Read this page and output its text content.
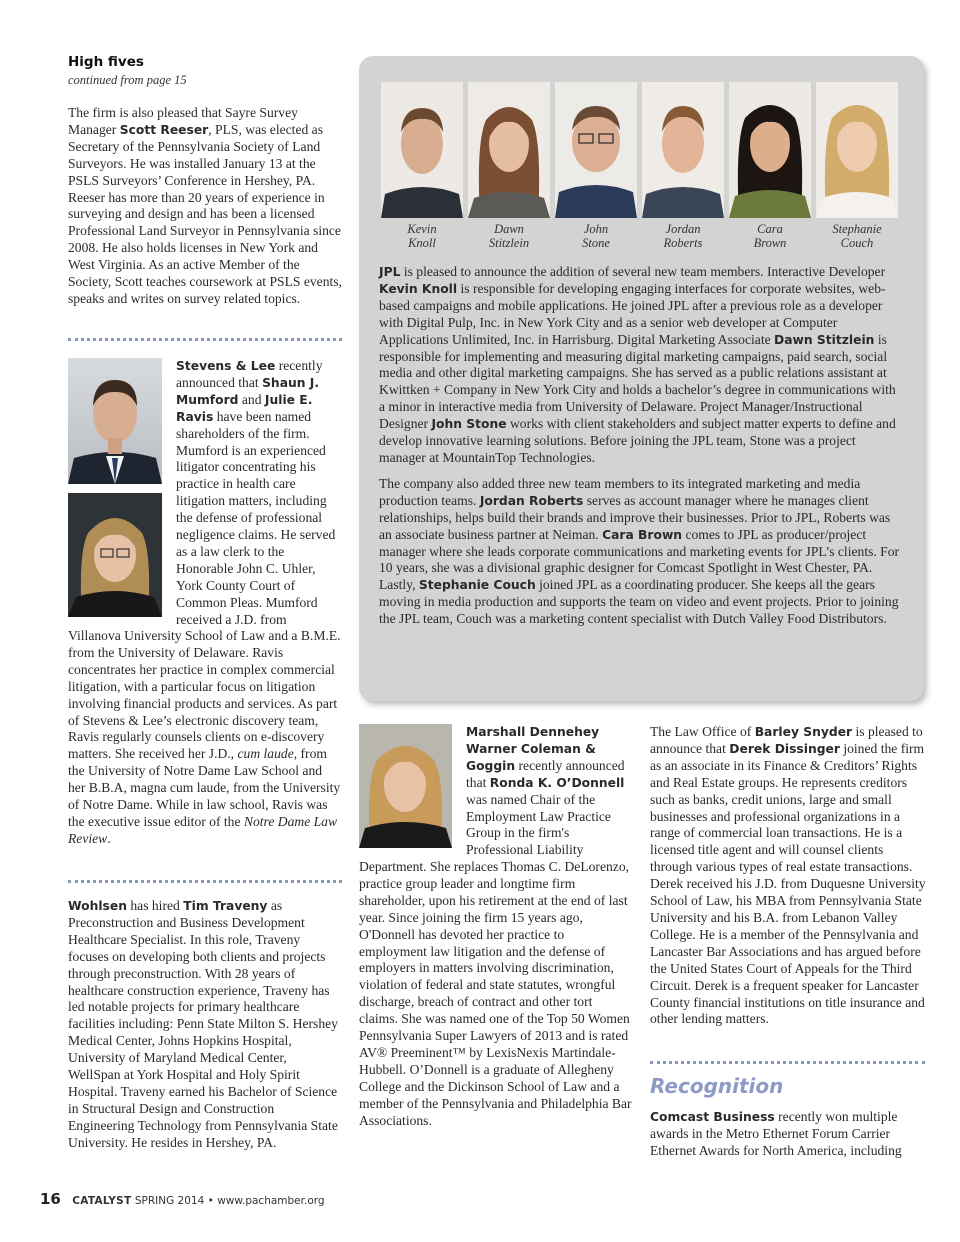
High fives
continued from page 15

The firm is also pleased that Sayre Survey Manager Scott Reeser, PLS, was elected as Secretary of the Pennsylvania Society of Land Surveyors. He was installed January 13 at the PSLS Surveyors’ Conference in Hershey, PA. Reeser has more than 20 years of experience in surveying and design and has been a licensed Professional Land Surveyor in Pennsylvania since 2008. He also holds licenses in New York and West Virginia. As an active Member of the Society, Scott teaches coursework at PSLS events, speaks and writes on survey related topics.

Stevens & Lee recently announced that Shaun J. Mumford and Julie E. Ravis have been named shareholders of the firm. Mumford is an experienced litigator concentrating his practice in health care litigation matters, including the defense of professional negligence claims. He served as a law clerk to the Honorable John C. Uhler, York County Court of Common Pleas. Mumford received a J.D. from

Villanova University School of Law and a B.M.E. from the University of Delaware. Ravis concentrates her practice in complex commercial litigation, with a particular focus on litigation involving financial products and services. As part of Stevens & Lee’s electronic discovery team, Ravis regularly counsels clients on e-discovery matters. She received her J.D., cum laude, from the University of Notre Dame Law School and her B.B.A, magna cum laude, from the University of Notre Dame. While in law school, Ravis was the executive issue editor of the Notre Dame Law Review.

Wohlsen has hired Tim Traveny as Preconstruction and Business Development Healthcare Specialist. In this role, Traveny focuses on developing both clients and projects through preconstruction. With 28 years of healthcare construction experience, Traveny has led notable projects for primary healthcare facilities including: Penn State Milton S. Hershey Medical Center, Johns Hopkins Hospital, University of Maryland Medical Center, WellSpan at York Hospital and Holy Spirit Hospital. Traveny earned his Bachelor of Science in Structural Design and Construction Engineering Technology from Pennsylvania State University. He resides in Hershey, PA.

Kevin
Knoll
Dawn
Stitzlein
John
Stone
Jordan
Roberts
Cara
Brown
Stephanie
Couch

JPL is pleased to announce the addition of several new team members. Interactive Developer Kevin Knoll is responsible for developing engaging interfaces for corporate websites, web-based campaigns and mobile applications. He joined JPL after a previous role as a developer with Digital Pulp, Inc. in New York City and as a senior web developer at Computer Applications Unlimited, Inc. in Harrisburg. Digital Marketing Associate Dawn Stitzlein is responsible for implementing and measuring digital marketing campaigns, paid search, social media and other digital marketing campaigns. She has served as a public relations assistant at Kwittken + Company in New York City and holds a bachelor’s degree in communications with a minor in interactive media from University of Delaware. Project Manager/Instructional Designer John Stone works with client stakeholders and subject matter experts to define and develop innovative learning solutions. Before joining the JPL team, Stone was a project manager at MountainTop Technologies.

The company also added three new team members to its integrated marketing and media production teams. Jordan Roberts serves as account manager where he manages client relationships, helps build their brands and improve their businesses. Prior to JPL, Roberts was an associate business partner at Neiman. Cara Brown comes to JPL as producer/project manager where she leads corporate communications and marketing events for JPL’s clients. For 10 years, she was a divisional graphic designer for Comcast Spotlight in West Chester, PA. Lastly, Stephanie Couch joined JPL as a coordinating producer. She keeps all the gears moving in media production and supports the team on video and event projects. Prior to joining the JPL team, Couch was a marketing content specialist with Dutch Valley Food Distributors.

Marshall Dennehey Warner Coleman & Goggin recently announced that Ronda K. O’Donnell was named Chair of the Employment Law Practice Group in the firm's Professional Liability

Department. She replaces Thomas C. DeLorenzo, practice group leader and longtime firm shareholder, upon his retirement at the end of last year. Since joining the firm 15 years ago, O'Donnell has devoted her practice to employment law litigation and the defense of employers in matters involving discrimination, violation of federal and state statutes, wrongful discharge, breach of contract and other tort claims. She was named one of the Top 50 Women Pennsylvania Super Lawyers of 2013 and is rated AV® Preeminent™ by LexisNexis Martindale-Hubbell. O’Donnell is a graduate of Allegheny College and the Dickinson School of Law and a member of the Pennsylvania and Philadelphia Bar Associations.

The Law Office of Barley Snyder is pleased to announce that Derek Dissinger joined the firm as an associate in its Finance & Creditors’ Rights and Real Estate groups. He represents creditors such as banks, credit unions, large and small businesses and professional organizations in a range of commercial loan transactions. He is a licensed title agent and will counsel clients through various types of real estate transactions. Derek received his J.D. from Duquesne University School of Law, his MBA from Pennsylvania State University and his B.A. from Lebanon Valley College. He is a member of the Pennsylvania and Lancaster Bar Associations and has argued before the United States Court of Appeals for the Third Circuit. Derek is a frequent speaker for Lancaster County financial institutions on title insurance and other lending matters.

Recognition

Comcast Business recently won multiple awards in the Metro Ethernet Forum Carrier Ethernet Awards for North America, including

16 CATALYST SPRING 2014 • www.pachamber.org
